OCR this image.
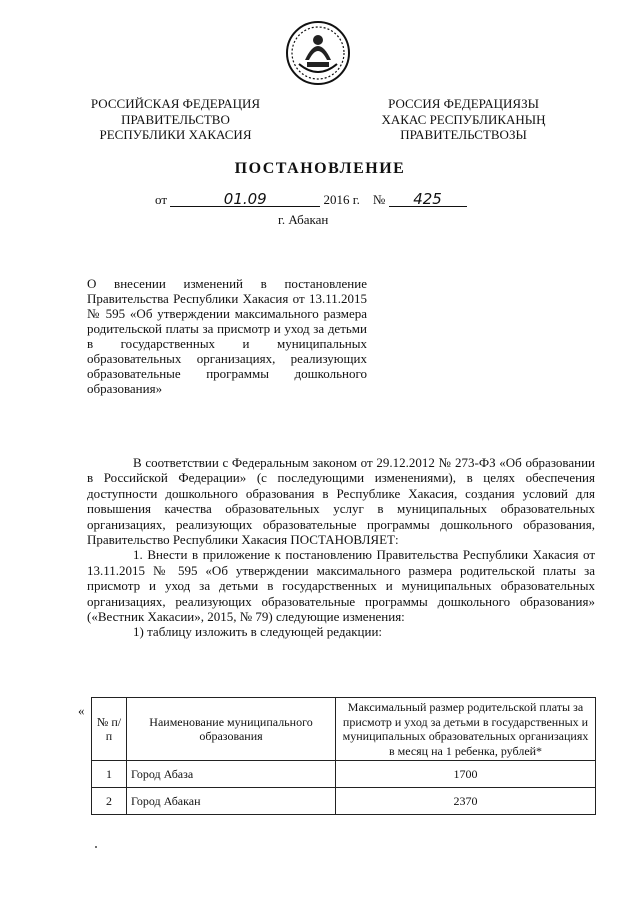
РОССИЙСКАЯ ФЕДЕРАЦИЯ
ПРАВИТЕЛЬСТВО
РЕСПУБЛИКИ ХАКАСИЯ
РОССИЯ ФЕДЕРАЦИЯЗЫ
ХАКАС РЕСПУБЛИКАНЫҢ
ПРАВИТЕЛЬСТВОЗЫ
ПОСТАНОВЛЕНИЕ
от	01.09	2016 г. № 425
г. Абакан

О внесении изменений в постановление Правительства Республики Хакасия от 13.11.2015 № 595 «Об утверждении максимального размера родительской платы за присмотр и уход за детьми в государственных и муниципальных образовательных организациях, реализующих образовательные программы дошкольного образования»

В соответствии с Федеральным законом от 29.12.2012 № 273-ФЗ «Об образовании в Российской Федерации» (с последующими изменениями), в целях обеспечения доступности дошкольного образования в Республике Хакасия, создания условий для повышения качества образовательных услуг в муниципальных образовательных организациях, реализующих образовательные программы дошкольного образования, Правительство Республики Хакасия ПОСТАНОВЛЯЕТ:

1. Внести в приложение к постановлению Правительства Республики Хакасия от 13.11.2015 № 595 «Об утверждении максимального размера родительской платы за присмотр и уход за детьми в государственных и муниципальных образовательных организациях, реализующих образовательные программы дошкольного образования» («Вестник Хакасии», 2015, № 79) следующие изменения:

1) таблицу изложить в следующей редакции:

«
№ п/п	Наименование муниципального образования	Максимальный размер родительской платы за присмотр и уход за детьми в государственных и муниципальных образовательных организациях в месяц на 1 ребенка, рублей*
1	Город Абаза	1700
2	Город Абакан	2370
